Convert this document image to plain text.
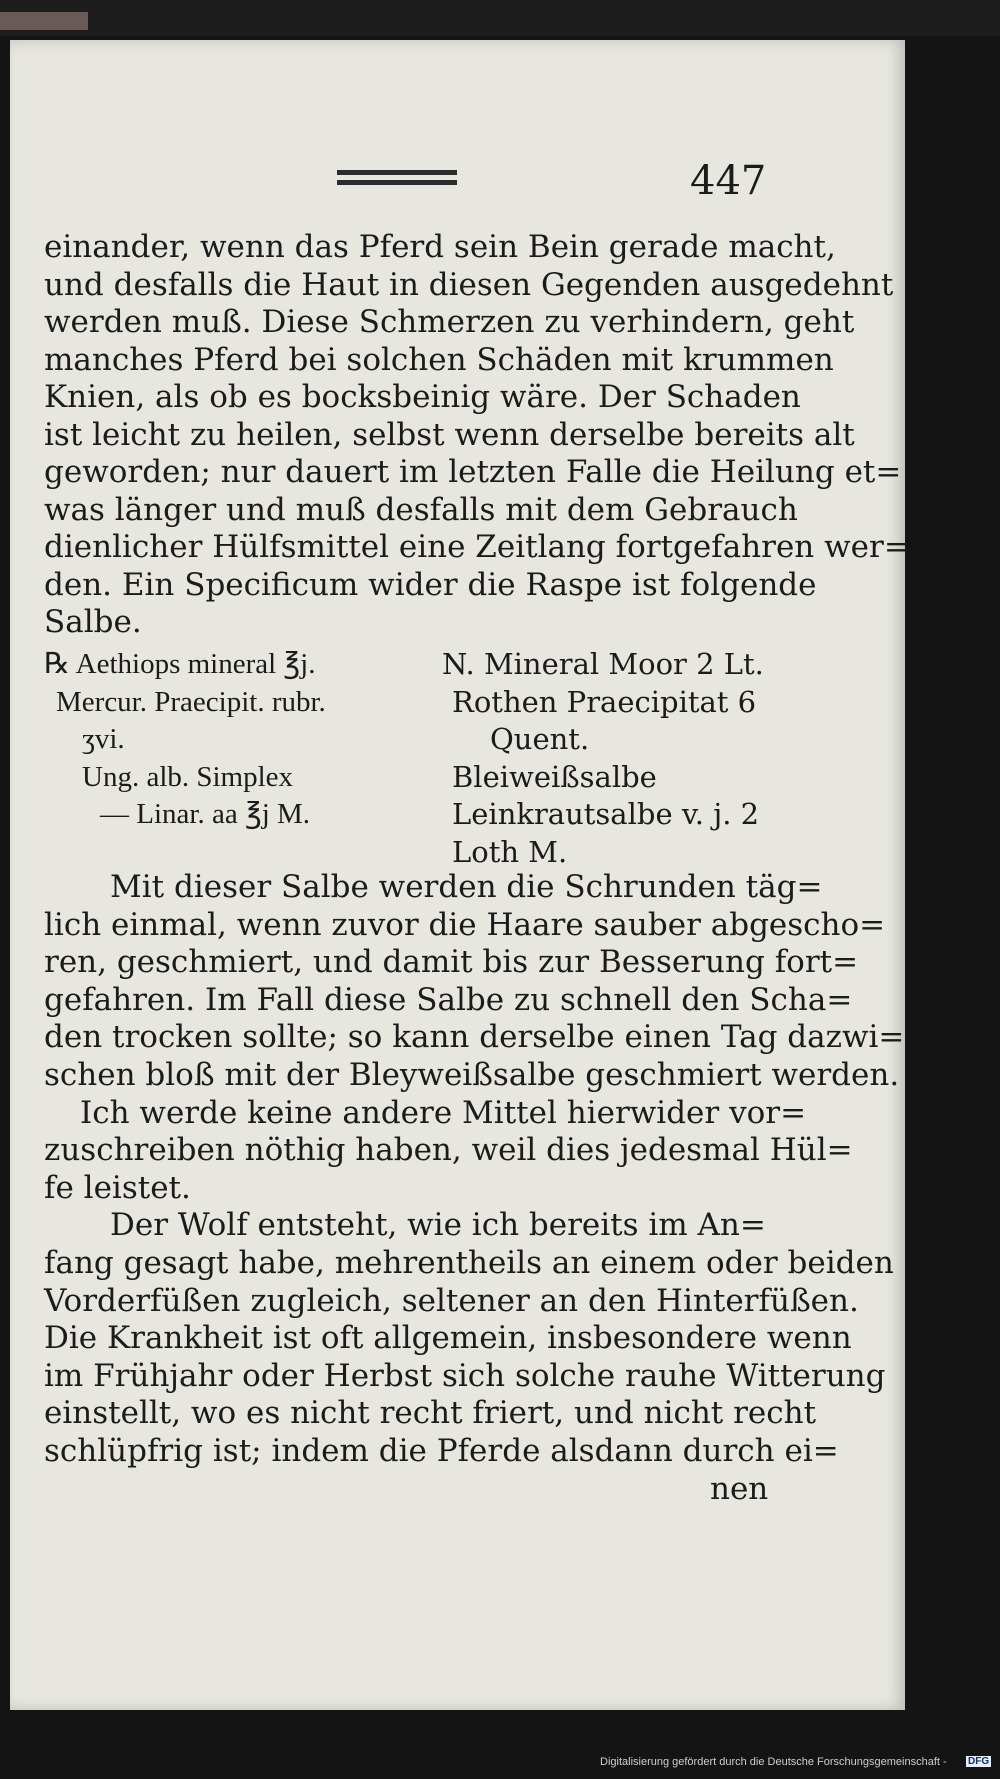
447

einander, wenn das Pferd sein Bein gerade macht,

und desfalls die Haut in diesen Gegenden ausgedehnt

werden muß. Diese Schmerzen zu verhindern, geht

manches Pferd bei solchen Schäden mit krummen

Knien, als ob es bocksbeinig wäre. Der Schaden

ist leicht zu heilen, selbst wenn derselbe bereits alt

geworden; nur dauert im letzten Falle die Heilung et=

was länger und muß desfalls mit dem Gebrauch

dienlicher Hülfsmittel eine Zeitlang fortgefahren wer=

den. Ein Specificum wider die Raspe ist folgende

Salbe.

℞ Aethiops mineral ℥j.

Mercur. Praecipit. rubr.

ʒvi.

Ung. alb. Simplex

— Linar. aa ℥j M.

N. Mineral Moor 2 Lt.

Rothen Praecipitat 6

Quent.

Bleiweißsalbe

Leinkrautsalbe v. j. 2

Loth M.

Mit dieser Salbe werden die Schrunden täg=

lich einmal, wenn zuvor die Haare sauber abgescho=

ren, geschmiert, und damit bis zur Besserung fort=

gefahren. Im Fall diese Salbe zu schnell den Scha=

den trocken sollte; so kann derselbe einen Tag dazwi=

schen bloß mit der Bleyweißsalbe geschmiert werden.

Ich werde keine andere Mittel hierwider vor=

zuschreiben nöthig haben, weil dies jedesmal Hül=

fe leistet.

Der Wolf entsteht, wie ich bereits im An=

fang gesagt habe, mehrentheils an einem oder beiden

Vorderfüßen zugleich, seltener an den Hinterfüßen.

Die Krankheit ist oft allgemein, insbesondere wenn

im Frühjahr oder Herbst sich solche rauhe Witterung

einstellt, wo es nicht recht friert, und nicht recht

schlüpfrig ist; indem die Pferde alsdann durch ei=

nen

Digitalisierung gefördert durch die Deutsche Forschungsgemeinschaft - DFG
